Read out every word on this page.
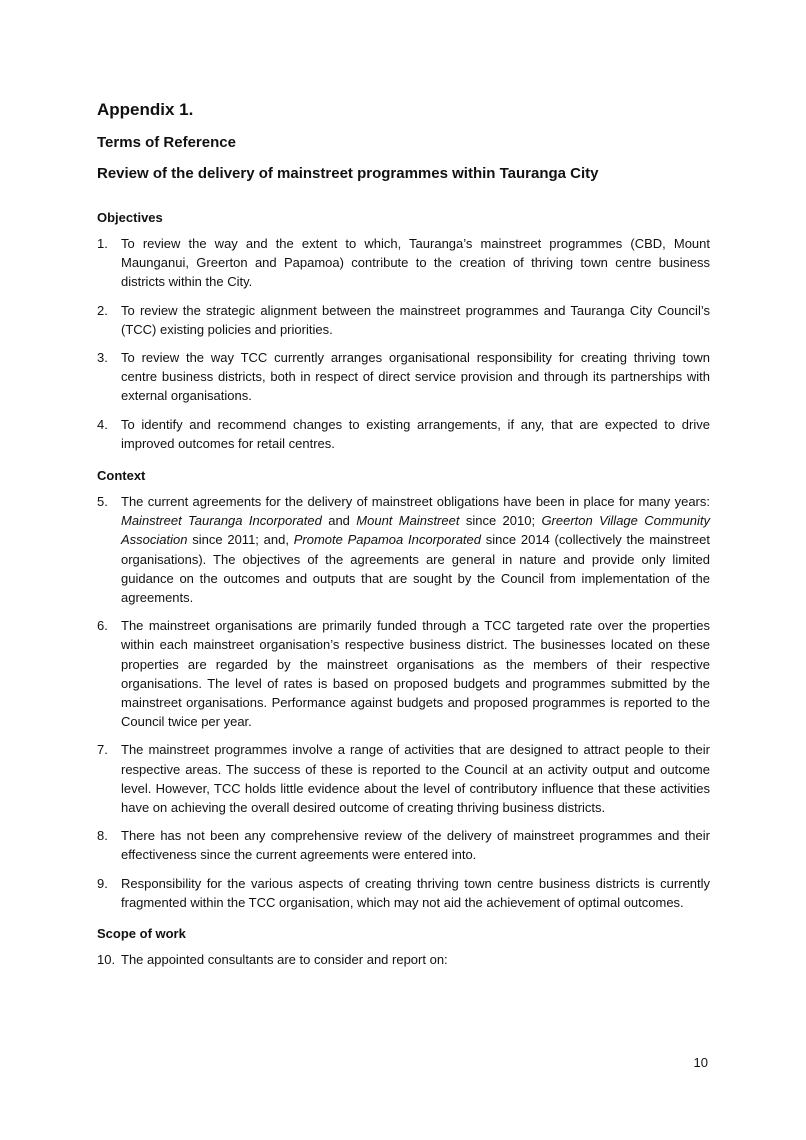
Appendix 1.
Terms of Reference
Review of the delivery of mainstreet programmes within Tauranga City
Objectives
1.	To review the way and the extent to which, Tauranga’s mainstreet programmes (CBD, Mount Maunganui, Greerton and Papamoa) contribute to the creation of thriving town centre business districts within the City.
2.	To review the strategic alignment between the mainstreet programmes and Tauranga City Council’s (TCC) existing policies and priorities.
3.	To review the way TCC currently arranges organisational responsibility for creating thriving town centre business districts, both in respect of direct service provision and through its partnerships with external organisations.
4.	To identify and recommend changes to existing arrangements, if any, that are expected to drive improved outcomes for retail centres.
Context
5.	The current agreements for the delivery of mainstreet obligations have been in place for many years: Mainstreet Tauranga Incorporated and Mount Mainstreet since 2010; Greerton Village Community Association since 2011; and, Promote Papamoa Incorporated since 2014 (collectively the mainstreet organisations). The objectives of the agreements are general in nature and provide only limited guidance on the outcomes and outputs that are sought by the Council from implementation of the agreements.
6.	The mainstreet organisations are primarily funded through a TCC targeted rate over the properties within each mainstreet organisation’s respective business district. The businesses located on these properties are regarded by the mainstreet organisations as the members of their respective organisations. The level of rates is based on proposed budgets and programmes submitted by the mainstreet organisations. Performance against budgets and proposed programmes is reported to the Council twice per year.
7.	The mainstreet programmes involve a range of activities that are designed to attract people to their respective areas. The success of these is reported to the Council at an activity output and outcome level. However, TCC holds little evidence about the level of contributory influence that these activities have on achieving the overall desired outcome of creating thriving business districts.
8.	There has not been any comprehensive review of the delivery of mainstreet programmes and their effectiveness since the current agreements were entered into.
9.	Responsibility for the various aspects of creating thriving town centre business districts is currently fragmented within the TCC organisation, which may not aid the achievement of optimal outcomes.
Scope of work
10. The appointed consultants are to consider and report on:
10
